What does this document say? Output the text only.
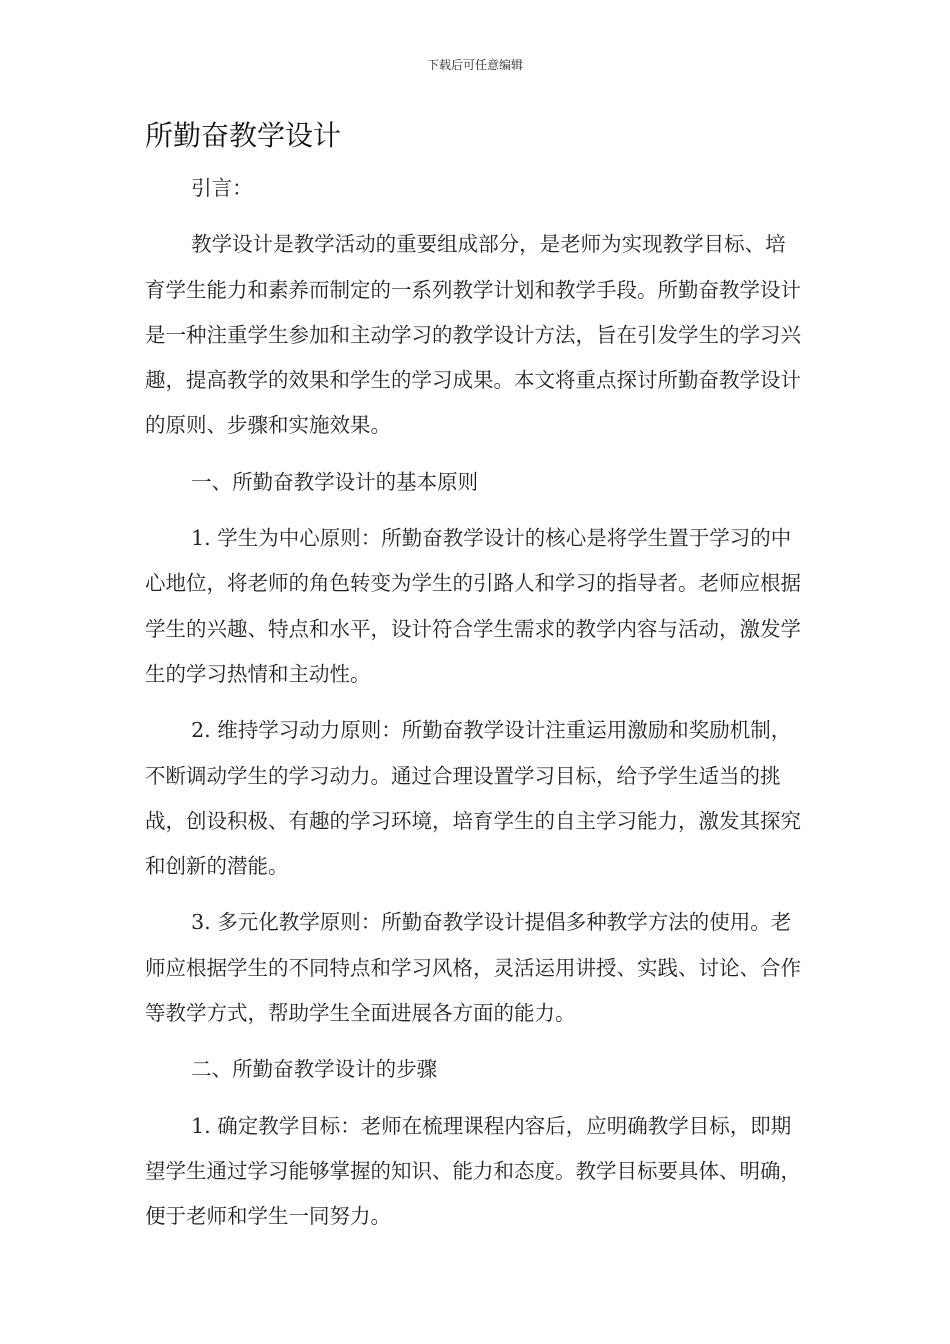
下载后可任意编辑
所勤奋教学设计

引言：

教学设计是教学活动的重要组成部分，是老师为实现教学目标、培育学生能力和素养而制定的一系列教学计划和教学手段。所勤奋教学设计是一种注重学生参加和主动学习的教学设计方法，旨在引发学生的学习兴趣，提高教学的效果和学生的学习成果。本文将重点探讨所勤奋教学设计的原则、步骤和实施效果。

一、所勤奋教学设计的基本原则

1. 学生为中心原则：所勤奋教学设计的核心是将学生置于学习的中心地位，将老师的角色转变为学生的引路人和学习的指导者。老师应根据学生的兴趣、特点和水平，设计符合学生需求的教学内容与活动，激发学生的学习热情和主动性。

2. 维持学习动力原则：所勤奋教学设计注重运用激励和奖励机制，不断调动学生的学习动力。通过合理设置学习目标，给予学生适当的挑战，创设积极、有趣的学习环境，培育学生的自主学习能力，激发其探究和创新的潜能。

3. 多元化教学原则：所勤奋教学设计提倡多种教学方法的使用。老师应根据学生的不同特点和学习风格，灵活运用讲授、实践、讨论、合作等教学方式，帮助学生全面进展各方面的能力。

二、所勤奋教学设计的步骤

1. 确定教学目标：老师在梳理课程内容后，应明确教学目标，即期望学生通过学习能够掌握的知识、能力和态度。教学目标要具体、明确，便于老师和学生一同努力。
